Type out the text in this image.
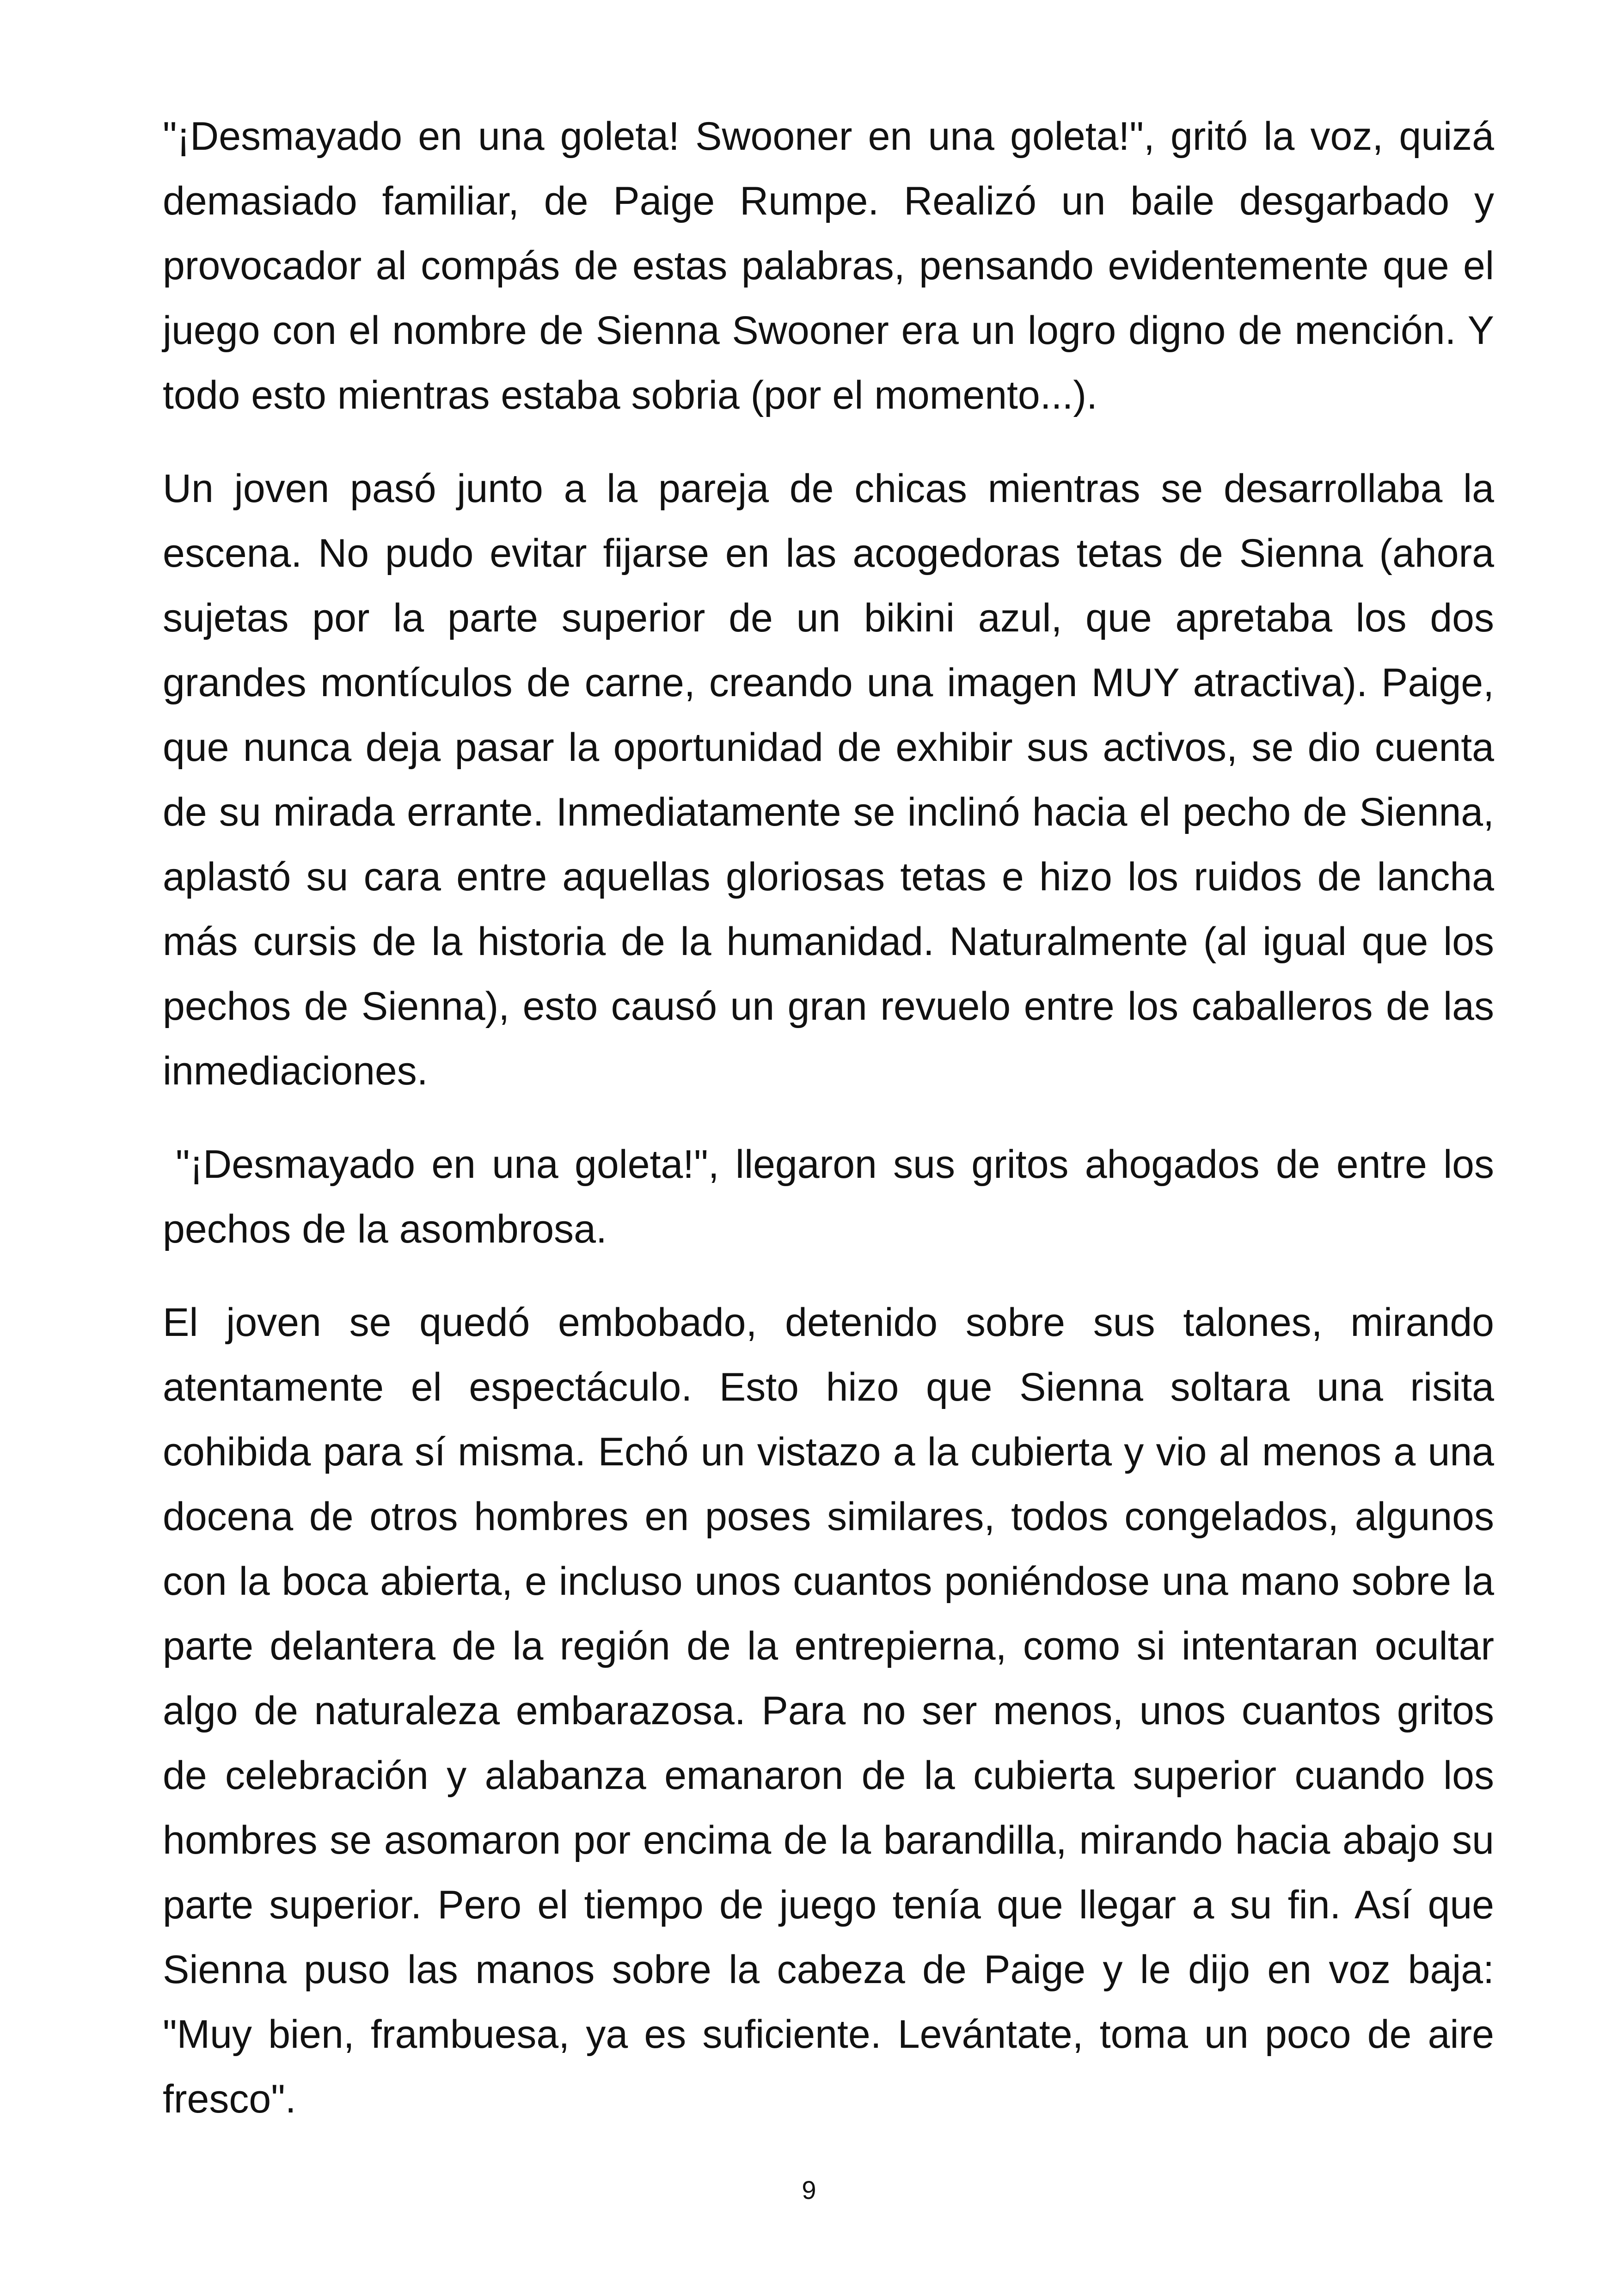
"¡Desmayado en una goleta! Swooner en una goleta!", gritó la voz, quizá demasiado familiar, de Paige Rumpe. Realizó un baile desgarbado y provocador al compás de estas palabras, pensando evidentemente que el juego con el nombre de Sienna Swooner era un logro digno de mención. Y todo esto mientras estaba sobria (por el momento...).

Un joven pasó junto a la pareja de chicas mientras se desarrollaba la escena. No pudo evitar fijarse en las acogedoras tetas de Sienna (ahora sujetas por la parte superior de un bikini azul, que apretaba los dos grandes montículos de carne, creando una imagen MUY atractiva). Paige, que nunca deja pasar la oportunidad de exhibir sus activos, se dio cuenta de su mirada errante. Inmediatamente se inclinó hacia el pecho de Sienna, aplastó su cara entre aquellas gloriosas tetas e hizo los ruidos de lancha más cursis de la historia de la humanidad. Naturalmente (al igual que los pechos de Sienna), esto causó un gran revuelo entre los caballeros de las inmediaciones.

"¡Desmayado en una goleta!", llegaron sus gritos ahogados de entre los pechos de la asombrosa.

El joven se quedó embobado, detenido sobre sus talones, mirando atentamente el espectáculo. Esto hizo que Sienna soltara una risita cohibida para sí misma. Echó un vistazo a la cubierta y vio al menos a una docena de otros hombres en poses similares, todos congelados, algunos con la boca abierta, e incluso unos cuantos poniéndose una mano sobre la parte delantera de la región de la entrepierna, como si intentaran ocultar algo de naturaleza embarazosa. Para no ser menos, unos cuantos gritos de celebración y alabanza emanaron de la cubierta superior cuando los hombres se asomaron por encima de la barandilla, mirando hacia abajo su parte superior. Pero el tiempo de juego tenía que llegar a su fin. Así que Sienna puso las manos sobre la cabeza de Paige y le dijo en voz baja: "Muy bien, frambuesa, ya es suficiente. Levántate, toma un poco de aire fresco".

9
